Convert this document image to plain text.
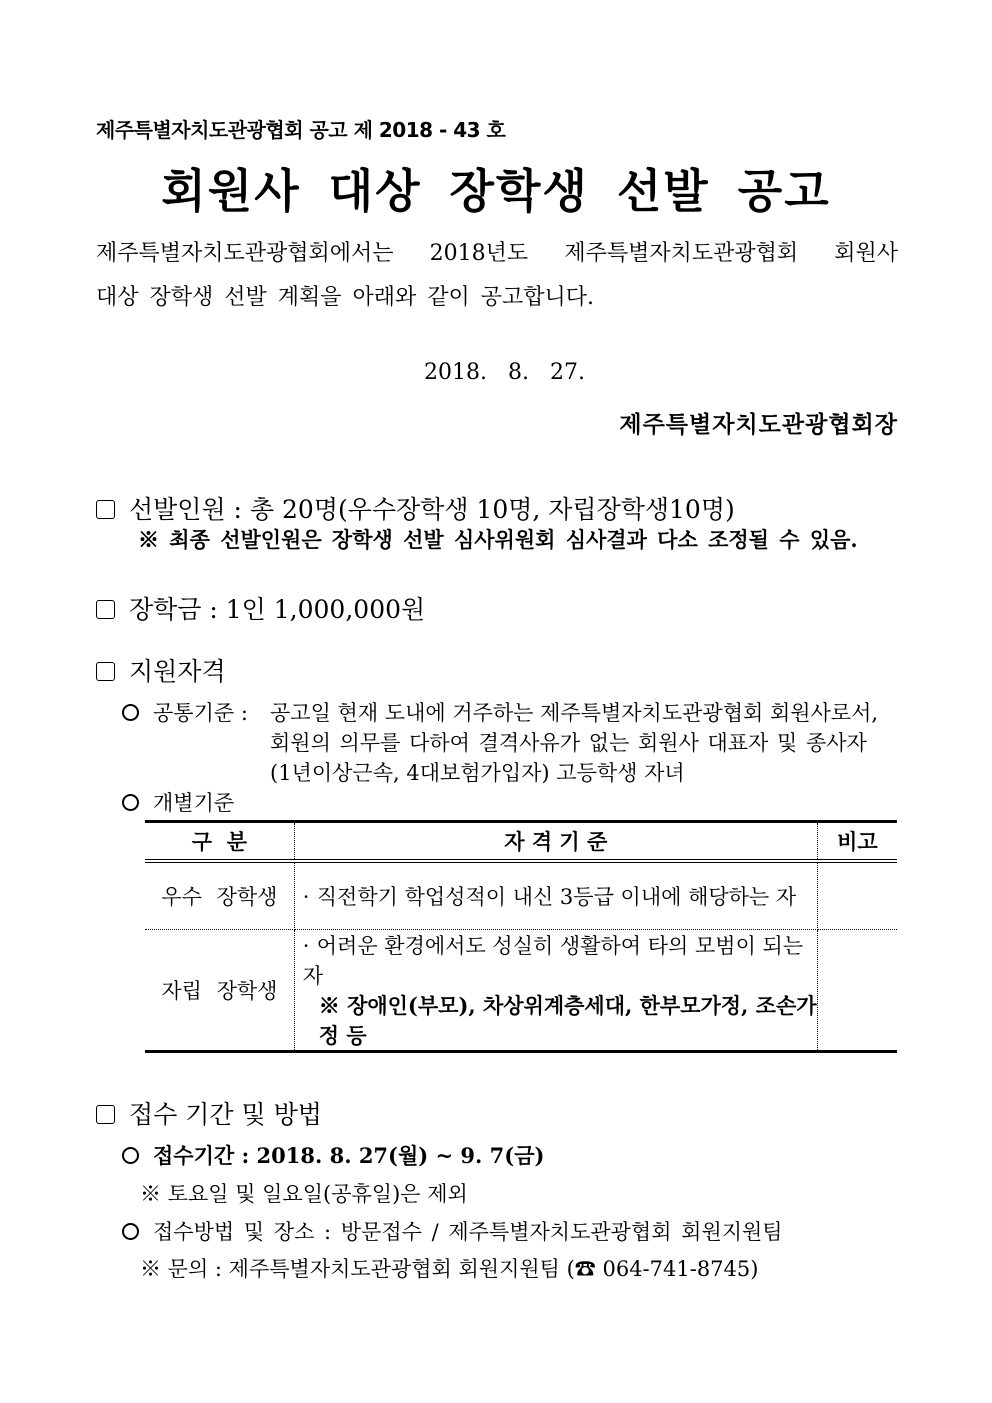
제주특별자치도관광협회 공고 제 2018 - 43 호
회원사 대상 장학생 선발 공고
제주특별자치도관광협회에서는 2018년도 제주특별자치도관광협회 회원사
대상 장학생 선발 계획을 아래와 같이 공고합니다.
2018. 8. 27.
제주특별자치도관광협회장
선발인원 : 총 20명(우수장학생 10명, 자립장학생10명)
※ 최종 선발인원은 장학생 선발 심사위원회 심사결과 다소 조정될 수 있음.
장학금 : 1인 1,000,000원
지원자격
공통기준 : 공고일 현재 도내에 거주하는 제주특별자치도관광협회 회원사로서,
회원의 의무를 다하여 결격사유가 없는 회원사 대표자 및 종사자
(1년이상근속, 4대보험가입자) 고등학생 자녀
개별기준
구  분	자 격 기 준	비고
우수 장학생	· 직전학기 학업성적이 내신 3등급 이내에 해당하는 자	
자립 장학생	· 어려운 환경에서도 성실히 생활하여 타의 모범이 되는 자
※ 장애인(부모), 차상위계층세대, 한부모가정, 조손가정 등	

접수 기간 및 방법
접수기간 : 2018. 8. 27(월) ~ 9. 7(금)
※ 토요일 및 일요일(공휴일)은 제외
접수방법 및 장소 : 방문접수 / 제주특별자치도관광협회 회원지원팀
※ 문의 : 제주특별자치도관광협회 회원지원팀 (☎ 064-741-8745)
